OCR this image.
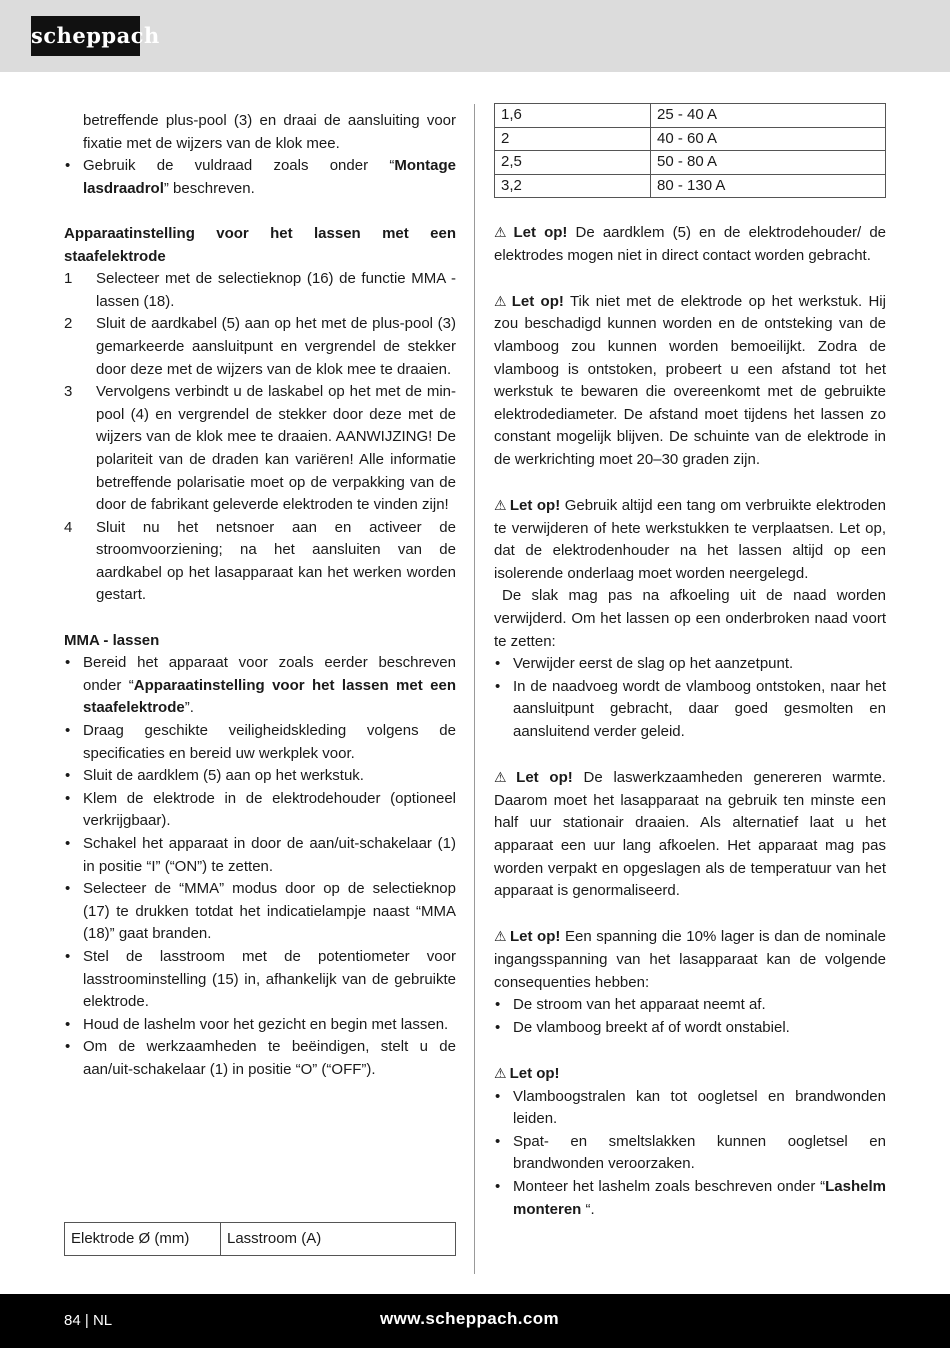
scheppach

betreffende plus-pool (3) en draai de aansluiting voor fixatie met de wijzers van de klok mee.

• Gebruik de vuldraad zoals onder “Montage lasdraadrol” beschreven.

Apparaatinstelling voor het lassen met een staafelektrode

1 Selecteer met de selectieknop (16) de functie MMA - lassen (18).
2 Sluit de aardkabel (5) aan op het met de plus-pool (3) gemarkeerde aansluitpunt en vergrendel de stekker door deze met de wijzers van de klok mee te draaien.
3 Vervolgens verbindt u de laskabel op het met de min-pool (4) en vergrendel de stekker door deze met de wijzers van de klok mee te draaien. AANWIJZING! De polariteit van de draden kan variëren! Alle informatie betreffende polarisatie moet op de verpakking van de door de fabrikant geleverde elektroden te vinden zijn!
4 Sluit nu het netsnoer aan en activeer de stroomvoorziening; na het aansluiten van de aardkabel op het lasapparaat kan het werken worden gestart.

MMA - lassen

• Bereid het apparaat voor zoals eerder beschreven onder “Apparaatinstelling voor het lassen met een staafelektrode”.
• Draag geschikte veiligheidskleding volgens de specificaties en bereid uw werkplek voor.
• Sluit de aardklem (5) aan op het werkstuk.
• Klem de elektrode in de elektrodehouder (optioneel verkrijgbaar).
• Schakel het apparaat in door de aan/uit-schakelaar (1) in positie “I” (“ON”) te zetten.
• Selecteer de “MMA” modus door op de selectieknop (17) te drukken totdat het indicatielampje naast “MMA (18)” gaat branden.
• Stel de lasstroom met de potentiometer voor lasstroominstelling (15) in, afhankelijk van de gebruikte elektrode.
• Houd de lashelm voor het gezicht en begin met lassen.
• Om de werkzaamheden te beëindigen, stelt u de aan/uit-schakelaar (1) in positie “O” (“OFF”).
Elektrode Ø (mm)	Lasstroom (A)
1,6	25 - 40 A
2	40 - 60 A
2,5	50 - 80 A
3,2	80 - 130 A

⚠ Let op! De aardklem (5) en de elektrodehouder/ de elektrodes mogen niet in direct contact worden gebracht.

⚠ Let op! Tik niet met de elektrode op het werkstuk. Hij zou beschadigd kunnen worden en de ontsteking van de vlamboog zou kunnen worden bemoeilijkt. Zodra de vlamboog is ontstoken, probeert u een afstand tot het werkstuk te bewaren die overeenkomt met de gebruikte elektrodediameter. De afstand moet tijdens het lassen zo constant mogelijk blijven. De schuinte van de elektrode in de werkrichting moet 20–30 graden zijn.

⚠ Let op! Gebruik altijd een tang om verbruikte elektroden te verwijderen of hete werkstukken te verplaatsen. Let op, dat de elektrodenhouder na het lassen altijd op een isolerende onderlaag moet worden neergelegd.

De slak mag pas na afkoeling uit de naad worden verwijderd. Om het lassen op een onderbroken naad voort te zetten:

• Verwijder eerst de slag op het aanzetpunt.
• In de naadvoeg wordt de vlamboog ontstoken, naar het aansluitpunt gebracht, daar goed gesmolten en aansluitend verder geleid.

⚠ Let op! De laswerkzaamheden genereren warmte. Daarom moet het lasapparaat na gebruik ten minste een half uur stationair draaien. Als alternatief laat u het apparaat een uur lang afkoelen. Het apparaat mag pas worden verpakt en opgeslagen als de temperatuur van het apparaat is genormaliseerd.

⚠ Let op! Een spanning die 10% lager is dan de nominale ingangsspanning van het lasapparaat kan de volgende consequenties hebben:

• De stroom van het apparaat neemt af.
• De vlamboog breekt af of wordt onstabiel.

⚠ Let op!

• Vlamboogstralen kan tot oogletsel en brandwonden leiden.
• Spat- en smeltslakken kunnen oogletsel en brandwonden veroorzaken.
• Monteer het lashelm zoals beschreven onder “Lashelm monteren “.
84 | NL	www.scheppach.com
